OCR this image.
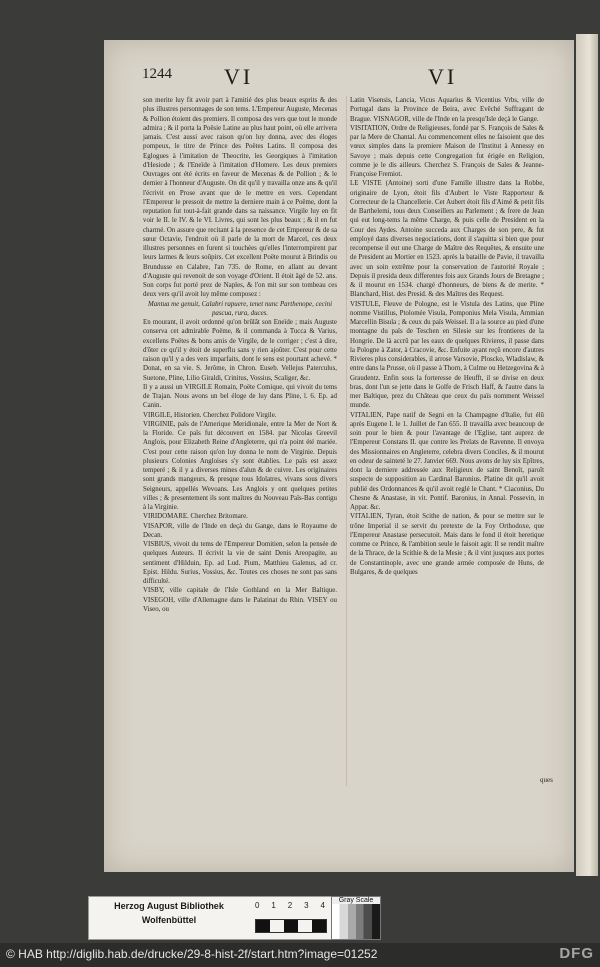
1244 VI	VI

son merite luy fit avoir part à l'amitié des plus beaux esprits & des plus illustres personnages de son tems. L'Empereur Auguste, Mecenas & Pollion étoient des premiers. Il composa des vers que tout le monde admira ; & il porta la Poësie Latine au plus haut point, où elle arrivera jamais. C'est aussi avec raison qu'on luy donna, avec des éloges pompeux, le titre de Prince des Poëtes Latins. Il composa des Eglogues à l'imitation de Theocrite, les Georgiques à l'imitation d'Hesiode ; & l'Eneïde à l'imitation d'Homere. Les deux premiers Ouvrages ont été écrits en faveur de Mecenas & de Pollion ; & le dernier à l'honneur d'Auguste. On dit qu'il y travailla onze ans & qu'il l'écrivit en Prose avant que de le mettre en vers. Cependant l'Empereur le pressoit de mettre la derniere main à ce Poëme, dont la reputation fut tout-à-fait grande dans sa naissance. Virgile luy en fit voir le II. le IV. & le VI. Livres, qui sont les plus beaux ; & il en fut charmé. On assure que recitant à la presence de cet Empereur & de sa sœur Octavie, l'endroit où il parle de la mort de Marcel, ces deux illustres personnes en furent si touchées qu'elles l'interrompirent par leurs larmes & leurs soûpirs. Cet excellent Poëte mourut à Brindis ou Brundusse en Calabre, l'an 735. de Rome, en allant au devant d'Auguste qui revenoit de son voyage d'Orient. Il étoit âgé de 52. ans. Son corps fut porté prez de Naples, & l'on mit sur son tombeau ces deux vers qu'il avoit luy même composez :

Mantua me genuit, Calabri rapuere, tenet nunc Parthenope, cecini pascua, rura, duces.

En mourant, il avoit ordonné qu'on brûlât son Eneïde ; mais Auguste conserva cet admirable Poëme, & il commanda à Tucca & Varius, excellens Poëtes & bons amis de Virgile, de le corriger ; c'est à dire, d'ôter ce qu'il y étoit de superflu sans y rien ajoûter. C'est pour cette raison qu'il y a des vers imparfaits, dont le sens est pourtant achevé. * Donat, en sa vie. S. Jerôme, in Chron. Euseb. Vellejus Paterculus, Suetone, Pline, Lilio Giraldi, Crinitus, Vossius, Scaliger, &c.

Il y a aussi un VIRGILE Romain, Poëte Comique, qui vivoit du tems de Trajan. Nous avons un bel éloge de luy dans Pline, l. 6. Ep. ad Canin.

VIRGILE, Historien. Cherchez Polidore Virgile.

VIRGINIE, païs de l'Amerique Meridionale, entre la Mer de Nort & la Floride. Ce païs fut découvert en 1584. par Nicolas Greevil Anglois, pour Elizabeth Reine d'Angleterre, qui n'a point été mariée. C'est pour cette raison qu'on luy donna le nom de Virginie. Depuis plusieurs Colonies Angloises s'y sont établies. Le païs est assez temperé ; & il y a diverses mines d'alun & de cuivre. Les originaires sont grands mangeurs, & presque tous Idolatres, vivans sous divers Seigneurs, appellés Wevoans. Les Anglois y ont quelques petites villes ; & presentement ils sont maîtres du Nouveau Païs-Bas contigu à la Virginie.

VIRIDOMARE. Cherchez Britomare.

VISAPOR, ville de l'Inde en deçà du Gange, dans le Royaume de Decan.

VISBIUS, vivoit du tems de l'Empereur Domitien, selon la pensée de quelques Auteurs. Il écrivit la vie de saint Denis Areopagite, au sentiment d'Hilduin, Ep. ad Lud. Pium, Matthieu Galenus, ad cr. Epist. Hildu. Surius, Vossius, &c. Toutes ces choses ne sont pas sans difficulté.

VISBY, ville capitale de l'Isle Gothland en la Mer Baltique. VISEGOH, ville d'Allemagne dans le Palatinat du Rhin. VISEY ou Viseo, ou

Latin Visensis, Lancia, Vicus Aquarius & Vicentius Vrbs, ville de Portugal dans la Province de Beira, avec Evêché Suffragant de Brague. VISNAGOR, ville de l'Inde en la presqu'Isle deçà le Gange.

VISITATION, Ordre de Religieuses, fondé par S. François de Sales & par la Mere de Chantal. Au commencement elles ne faisoient que des vœux simples dans la premiere Maison de l'Institut à Annessy en Savoye ; mais depuis cette Congregation fut érigée en Religion, comme je le dis ailleurs. Cherchez S. François de Sales & Jeanne-Françoise Fremiot.

LE VISTE (Antoine) sorti d'une Famille illustre dans la Robbe, originaire de Lyon, étoit fils d'Aubert le Viste Rapporteur & Correcteur de la Chancellerie. Cet Aubert étoit fils d'Aimé & petit fils de Barthelemi, tous deux Conseillers au Parlement ; & frere de Jean qui eut long-tems la même Charge, & puis celle de President en la Cour des Aydes. Antoine succeda aux Charges de son pere, & fut employé dans diverses negociations, dont il s'aquitta si bien que pour recompense il eut une Charge de Maître des Requêtes, & ensuite une de President au Mortier en 1523. après la bataille de Pavie, il travailla avec un soin extrême pour la conservation de l'autorité Royale ; Depuis il presida deux differentes fois aux Grands Jours de Bretagne ; & il mourut en 1534. chargé d'honneurs, de biens & de merite. * Blanchard, Hist. des Presid. & des Maîtres des Request.

VISTULE, Fleuve de Pologne, est le Vistula des Latins, que Pline nomme Vistillus, Ptolomée Visula, Pomponius Mela Visula, Ammian Marcellin Bisula ; & ceux du païs Weissel. Il a la source au pied d'une montagne du païs de Teschen en Silesie sur les frontieres de la Hongrie. De là accrû par les eaux de quelques Rivieres, il passe dans la Pologne à Zator, à Cracovie, &c. Enfuite ayant reçû encore d'autres Rivieres plus considerables, il arrose Varsovie, Ploscko, Wladislaw, & entre dans la Prusse, où il passe à Thorn, à Culme ou Hetzegovina & à Graudentz. Enfin sous la forteresse de Heufft, il se divise en deux bras, dont l'un se jette dans le Golfe de Frisch Haff, & l'autre dans la mer Baltique, prez du Château que ceux du païs nomment Weissel munde.

VITALIEN, Pape natif de Segni en la Champagne d'Italie, fut élû après Eugene I. le 1. Juillet de l'an 655. Il travailla avec beaucoup de soin pour le bien & pour l'avantage de l'Eglise, tant auprez de l'Empereur Constans II. que contre les Prelats de Ravenne. Il envoya des Missionnaires en Angleterre, celebra divers Conciles, & il mourut en odeur de sainteté le 27. Janvier 669. Nous avons de luy six Epîtres, dont la derniere addressée aux Religieux de saint Benoît, paroît suspecte de supposition au Cardinal Baronius. Platine dit qu'il avoit publié des Ordonnances & qu'il avoit reglé le Chant. * Ciaconius, Du Chesne & Anastase, in vit. Pontif. Baronius, in Annal. Possevin, in Appar. &c.

VITALIEN, Tyran, étoit Scithe de nation, & pour se mettre sur le trône Imperial il se servit du pretexte de la Foy Orthodoxe, que l'Empereur Anastase persecutoit. Mais dans le fond il étoit heretique comme ce Prince, & l'ambition seule le faisoit agir. Il se rendit maître de la Thrace, de la Scithie & de la Mesie ; & il vint jusques aux portes de Constantinople, avec une grande armée composée de Huns, de Bulgares, & de quelques

ques
Herzog August Bibliothek
Wolfenbüttel
0 1 2 3 4
Gray Scale
© HAB http://diglib.hab.de/drucke/29-8-hist-2f/start.htm?image=01252	DFG
